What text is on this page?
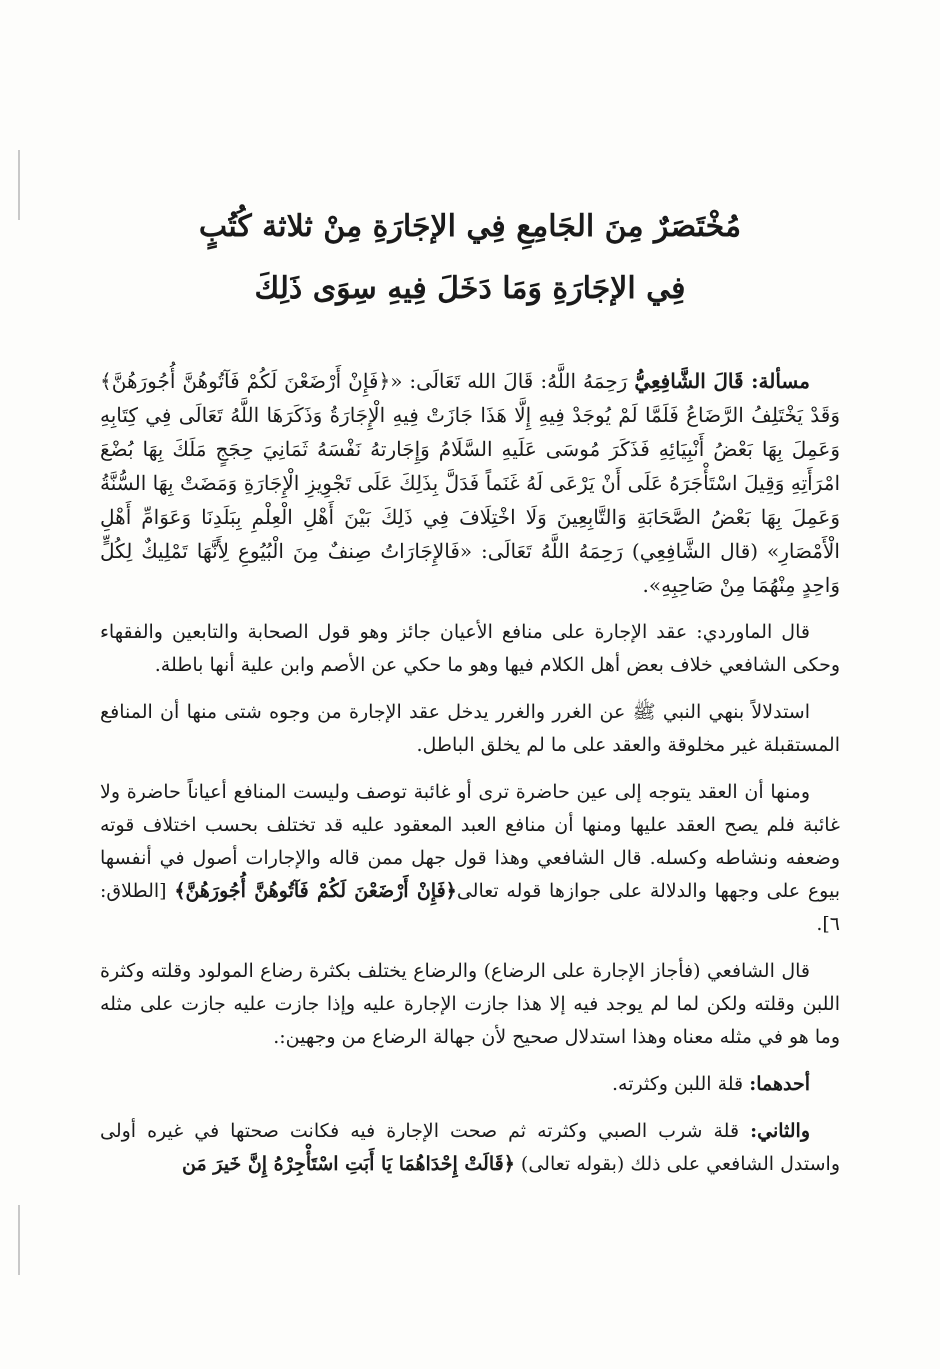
مُخْتَصَرٌ مِنَ الجَامِعِ فِي الإجَارَةِ مِنْ ثلاثة كُتُبٍ

فِي الإجَارَةِ وَمَا دَخَلَ فِيهِ سِوَى ذَلِكَ

مسألة: قَالَ الشَّافِعِيُّ رَحِمَهُ اللَّهُ: قَالَ الله تَعَالَى: «﴿فَإِنْ أَرْضَعْنَ لَكُمْ فَآتُوهُنَّ أُجُورَهُنَّ﴾ وَقَدْ يَخْتَلِفُ الرَّضَاعُ فَلَمَّا لَمْ يُوجَدْ فِيهِ إِلَّا هَذَا جَازَتْ فِيهِ الْإِجَارَةُ وَذَكَرَهَا اللَّهُ تَعَالَى فِي كِتَابِهِ وَعَمِلَ بِهَا بَعْضُ أَنْبِيَائِهِ فَذَكَرَ مُوسَى عَلَيهِ السَّلَامُ وَإِجَارتهُ نَفْسَهُ ثَمَانِيَ حِجَجٍ مَلَكَ بِهَا بُضْعَ امْرَأَتِهِ وَقِيلَ اسْتَأْجَرَهُ عَلَى أَنْ يَرْعَى لَهُ غَنَماً فَدَلَّ بِذَلِكَ عَلَى تَجْوِيزِ الْإِجَارَةِ وَمَضَتْ بِهَا السُّنَّةُ وَعَمِلَ بِهَا بَعْضُ الصَّحَابَةِ وَالتَّابِعِينَ وَلَا اخْتِلَافَ فِي ذَلِكَ بَيْنَ أَهْلِ الْعِلْمِ بِبَلَدِنَا وَعَوَامِّ أَهْلِ الْأَمْصَارِ» (قال الشَّافِعِي) رَحِمَهُ اللَّهُ تَعَالَى: «فَالإِجَارَاتُ صِنفٌ مِنَ الْبُيُوعِ لِأَنَّهَا تَمْلِيكٌ لِكُلٍّ وَاحِدٍ مِنْهُمَا مِنْ صَاحِبِهِ».

قال الماوردي: عقد الإجارة على منافع الأعيان جائز وهو قول الصحابة والتابعين والفقهاء وحكى الشافعي خلاف بعض أهل الكلام فيها وهو ما حكي عن الأصم وابن علية أنها باطلة.

استدلالاً بنهي النبي ﷺ عن الغرر والغرر يدخل عقد الإجارة من وجوه شتى منها أن المنافع المستقبلة غير مخلوقة والعقد على ما لم يخلق الباطل.

ومنها أن العقد يتوجه إلى عين حاضرة ترى أو غائبة توصف وليست المنافع أعياناً حاضرة ولا غائبة فلم يصح العقد عليها ومنها أن منافع العبد المعقود عليه قد تختلف بحسب اختلاف قوته وضعفه ونشاطه وكسله. قال الشافعي وهذا قول جهل ممن قاله والإجارات أصول في أنفسها بيوع على وجهها والدلالة على جوازها قوله تعالى﴿فَإِنْ أَرْضَعْنَ لَكُمْ فَآتُوهُنَّ أُجُورَهُنَّ﴾ [الطلاق: ٦].

قال الشافعي (فأجاز الإجارة على الرضاع) والرضاع يختلف بكثرة رضاع المولود وقلته وكثرة اللبن وقلته ولكن لما لم يوجد فيه إلا هذا جازت الإجارة عليه وإذا جازت عليه جازت على مثله وما هو في مثله معناه وهذا استدلال صحيح لأن جهالة الرضاع من وجهين:.

أحدهما: قلة اللبن وكثرته.

والثاني: قلة شرب الصبي وكثرته ثم صحت الإجارة فيه فكانت صحتها في غيره أولى واستدل الشافعي على ذلك (بقوله تعالى) ﴿قَالَتْ إِحْدَاهُمَا يَا أَبَتِ اسْتَأْجِرْهُ إِنَّ خَيرَ مَن
